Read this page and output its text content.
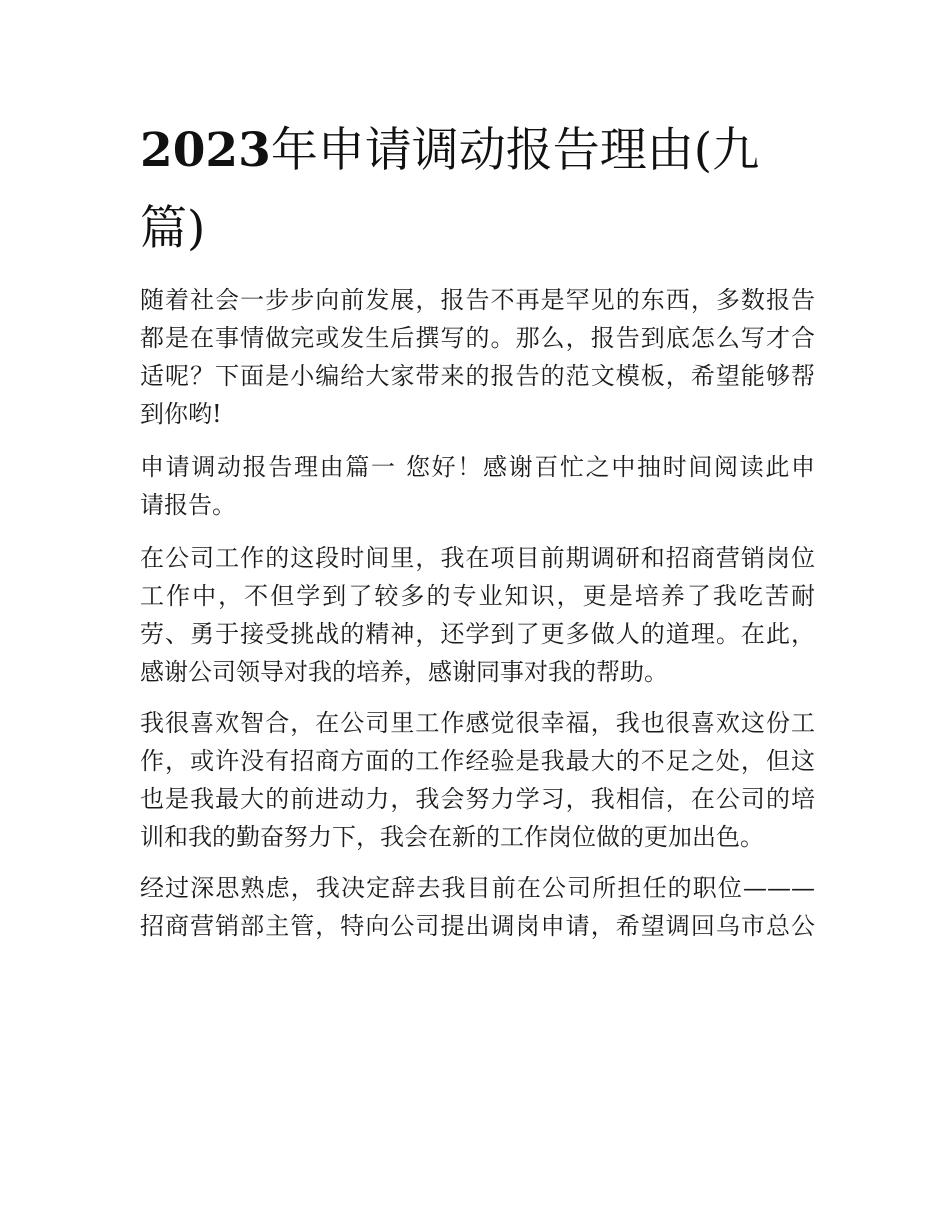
2023年申请调动报告理由(九
篇)
随着社会一步步向前发展，报告不再是罕见的东西，多数报告
都是在事情做完或发生后撰写的。那么，报告到底怎么写才合
适呢？下面是小编给大家带来的报告的范文模板，希望能够帮
到你哟!
申请调动报告理由篇一 您好！感谢百忙之中抽时间阅读此申
请报告。
在公司工作的这段时间里，我在项目前期调研和招商营销岗位
工作中，不但学到了较多的专业知识，更是培养了我吃苦耐
劳、勇于接受挑战的精神，还学到了更多做人的道理。在此，
感谢公司领导对我的培养，感谢同事对我的帮助。
我很喜欢智合，在公司里工作感觉很幸福，我也很喜欢这份工
作，或许没有招商方面的工作经验是我最大的不足之处，但这
也是我最大的前进动力，我会努力学习，我相信，在公司的培
训和我的勤奋努力下，我会在新的工作岗位做的更加出色。
经过深思熟虑，我决定辞去我目前在公司所担任的职位———
招商营销部主管，特向公司提出调岗申请，希望调回乌市总公
